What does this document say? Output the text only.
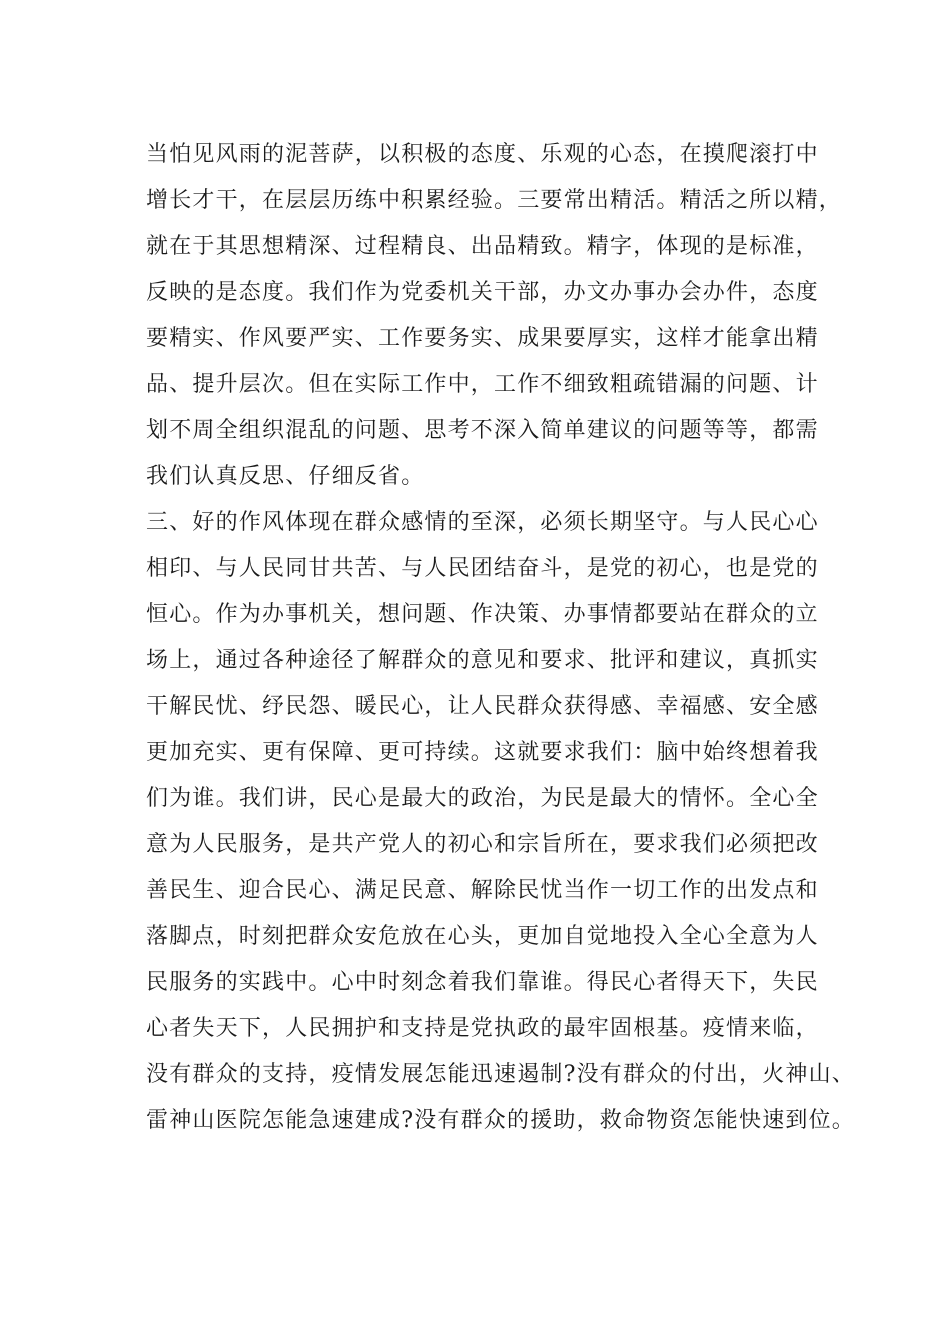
当怕见风雨的泥菩萨，以积极的态度、乐观的心态，在摸爬滚打中
增长才干，在层层历练中积累经验。三要常出精活。精活之所以精，
就在于其思想精深、过程精良、出品精致。精字，体现的是标准，
反映的是态度。我们作为党委机关干部，办文办事办会办件，态度
要精实、作风要严实、工作要务实、成果要厚实，这样才能拿出精
品、提升层次。但在实际工作中，工作不细致粗疏错漏的问题、计
划不周全组织混乱的问题、思考不深入简单建议的问题等等，都需
我们认真反思、仔细反省。
三、好的作风体现在群众感情的至深，必须长期坚守。与人民心心
相印、与人民同甘共苦、与人民团结奋斗，是党的初心，也是党的
恒心。作为办事机关，想问题、作决策、办事情都要站在群众的立
场上，通过各种途径了解群众的意见和要求、批评和建议，真抓实
干解民忧、纾民怨、暖民心，让人民群众获得感、幸福感、安全感
更加充实、更有保障、更可持续。这就要求我们：脑中始终想着我
们为谁。我们讲，民心是最大的政治，为民是最大的情怀。全心全
意为人民服务，是共产党人的初心和宗旨所在，要求我们必须把改
善民生、迎合民心、满足民意、解除民忧当作一切工作的出发点和
落脚点，时刻把群众安危放在心头，更加自觉地投入全心全意为人
民服务的实践中。心中时刻念着我们靠谁。得民心者得天下，失民
心者失天下，人民拥护和支持是党执政的最牢固根基。疫情来临，
没有群众的支持，疫情发展怎能迅速遏制?没有群众的付出，火神山、
雷神山医院怎能急速建成?没有群众的援助，救命物资怎能快速到位。
